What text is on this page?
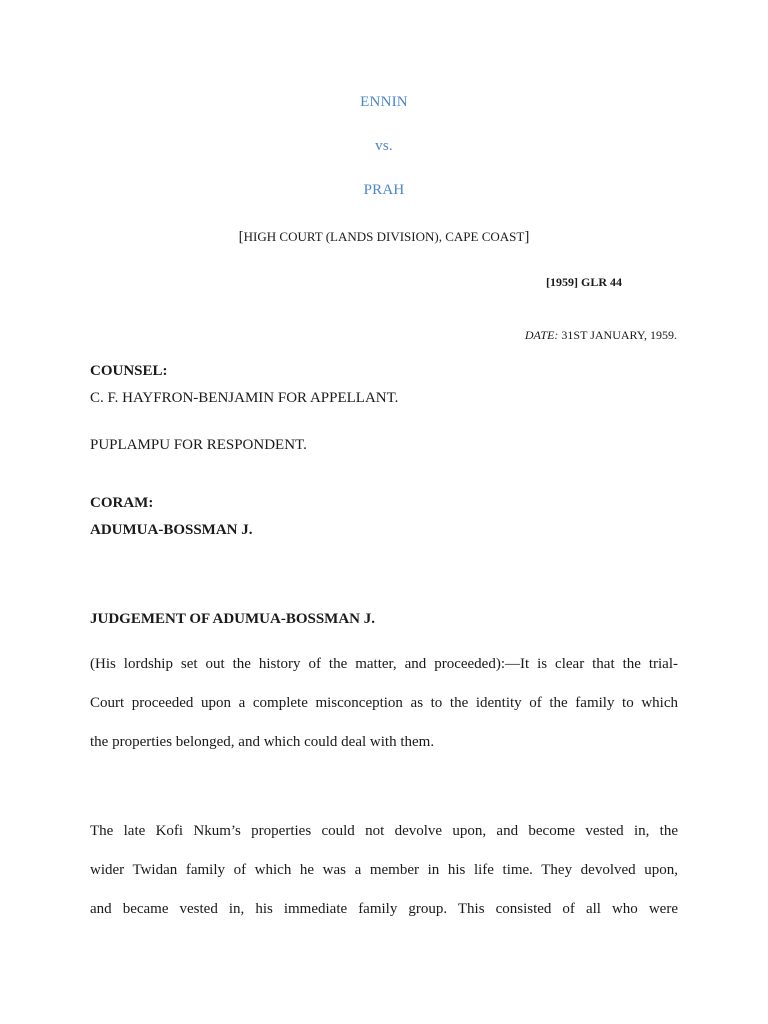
ENNIN
vs.
PRAH
[HIGH COURT (LANDS DIVISION), CAPE COAST]
[1959] GLR 44
DATE: 31ST JANUARY, 1959.
COUNSEL:
C. F. HAYFRON-BENJAMIN FOR APPELLANT.
PUPLAMPU FOR RESPONDENT.
CORAM:
ADUMUA-BOSSMAN J.
JUDGEMENT OF ADUMUA-BOSSMAN J.
(His lordship set out the history of the matter, and proceeded):—It is clear that the trial-
Court proceeded upon a complete misconception as to the identity of the family to which
the properties belonged, and which could deal with them.
The late Kofi Nkum’s properties could not devolve upon, and become vested in, the
wider Twidan family of which he was a member in his life time. They devolved upon,
and became vested in, his immediate family group. This consisted of all who were
